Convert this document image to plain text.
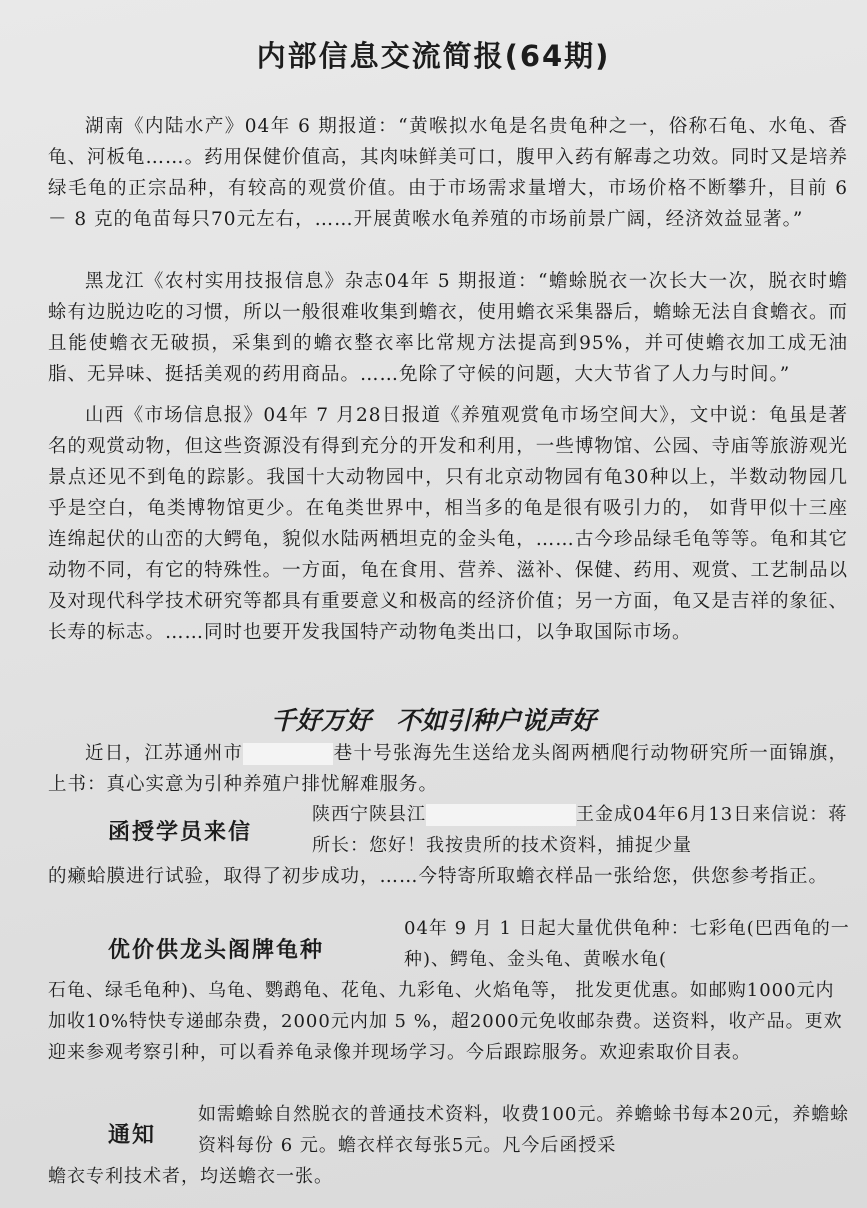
内部信息交流简报(64期)

湖南《内陆水产》04年 6 期报道：“黄喉拟水龟是名贵龟种之一，俗称石龟、水龟、香龟、河板龟……。药用保健价值高，其肉味鲜美可口，腹甲入药有解毒之功效。同时又是培养绿毛龟的正宗品种，有较高的观赏价值。由于市场需求量增大，市场价格不断攀升，目前 6 － 8 克的龟苗每只70元左右，……开展黄喉水龟养殖的市场前景广阔，经济效益显著。”

黑龙江《农村实用技报信息》杂志04年 5 期报道：“蟾蜍脱衣一次长大一次，脱衣时蟾蜍有边脱边吃的习惯，所以一般很难收集到蟾衣，使用蟾衣采集器后，蟾蜍无法自食蟾衣。而且能使蟾衣无破损，采集到的蟾衣整衣率比常规方法提高到95%，并可使蟾衣加工成无油脂、无异味、挺括美观的药用商品。……免除了守候的问题，大大节省了人力与时间。”

山西《市场信息报》04年 7 月28日报道《养殖观赏龟市场空间大》，文中说：龟虽是著名的观赏动物，但这些资源没有得到充分的开发和利用，一些博物馆、公园、寺庙等旅游观光景点还见不到龟的踪影。我国十大动物园中，只有北京动物园有龟30种以上，半数动物园几乎是空白，龟类博物馆更少。在龟类世界中，相当多的龟是很有吸引力的， 如背甲似十三座连绵起伏的山峦的大鳄龟，貌似水陆两栖坦克的金头龟，……古今珍品绿毛龟等等。龟和其它动物不同，有它的特殊性。一方面，龟在食用、营养、滋补、保健、药用、观赏、工艺制品以及对现代科学技术研究等都具有重要意义和极高的经济价值；另一方面，龟又是吉祥的象征、长寿的标志。……同时也要开发我国特产动物龟类出口，以争取国际市场。

千好万好　不如引种户说声好

近日，江苏通州市	巷十号张海先生送给龙头阁两栖爬行动物研究所一面锦旗，上书：真心实意为引种养殖户排忧解难服务。

函授学员来信
陕西宁陕县江	王金成04年6月13日来信说：蒋所长：您好！我按贵所的技术资料，捕捉少量
的癞蛤膜进行试验，取得了初步成功，……今特寄所取蟾衣样品一张给您，供您参考指正。
优价供龙头阁牌龟种
04年 9 月 1 日起大量优供龟种：七彩龟(巴西龟的一种)、鳄龟、金头龟、黄喉水龟(
石龟、绿毛龟种)、乌龟、鹦鹉龟、花龟、九彩龟、火焰龟等， 批发更优惠。如邮购1000元内加收10%特快专递邮杂费，2000元内加 5 %，超2000元免收邮杂费。送资料，收产品。更欢迎来参观考察引种，可以看养龟录像并现场学习。今后跟踪服务。欢迎索取价目表。
通知
如需蟾蜍自然脱衣的普通技术资料，收费100元。养蟾蜍书每本20元，养蟾蜍资料每份 6 元。蟾衣样衣每张5元。凡今后函授采
蟾衣专利技术者，均送蟾衣一张。
